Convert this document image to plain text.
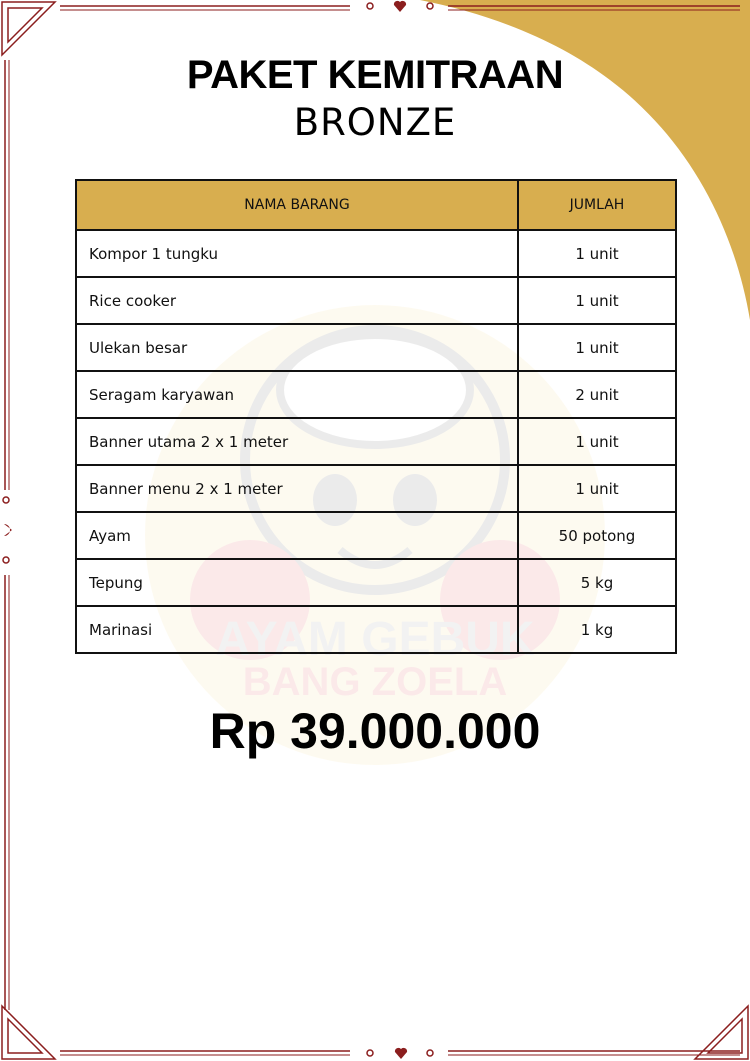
AYAM GEBUK
BANG ZOELA
PAKET KEMITRAAN
BRONZE
NAMA BARANG	JUMLAH
Kompor 1 tungku	1 unit
Rice cooker	1 unit
Ulekan besar	1 unit
Seragam karyawan	2 unit
Banner utama 2 x 1 meter	1 unit
Banner menu 2 x 1 meter	1 unit
Ayam	50 potong
Tepung	5 kg
Marinasi	1 kg
Rp 39.000.000
